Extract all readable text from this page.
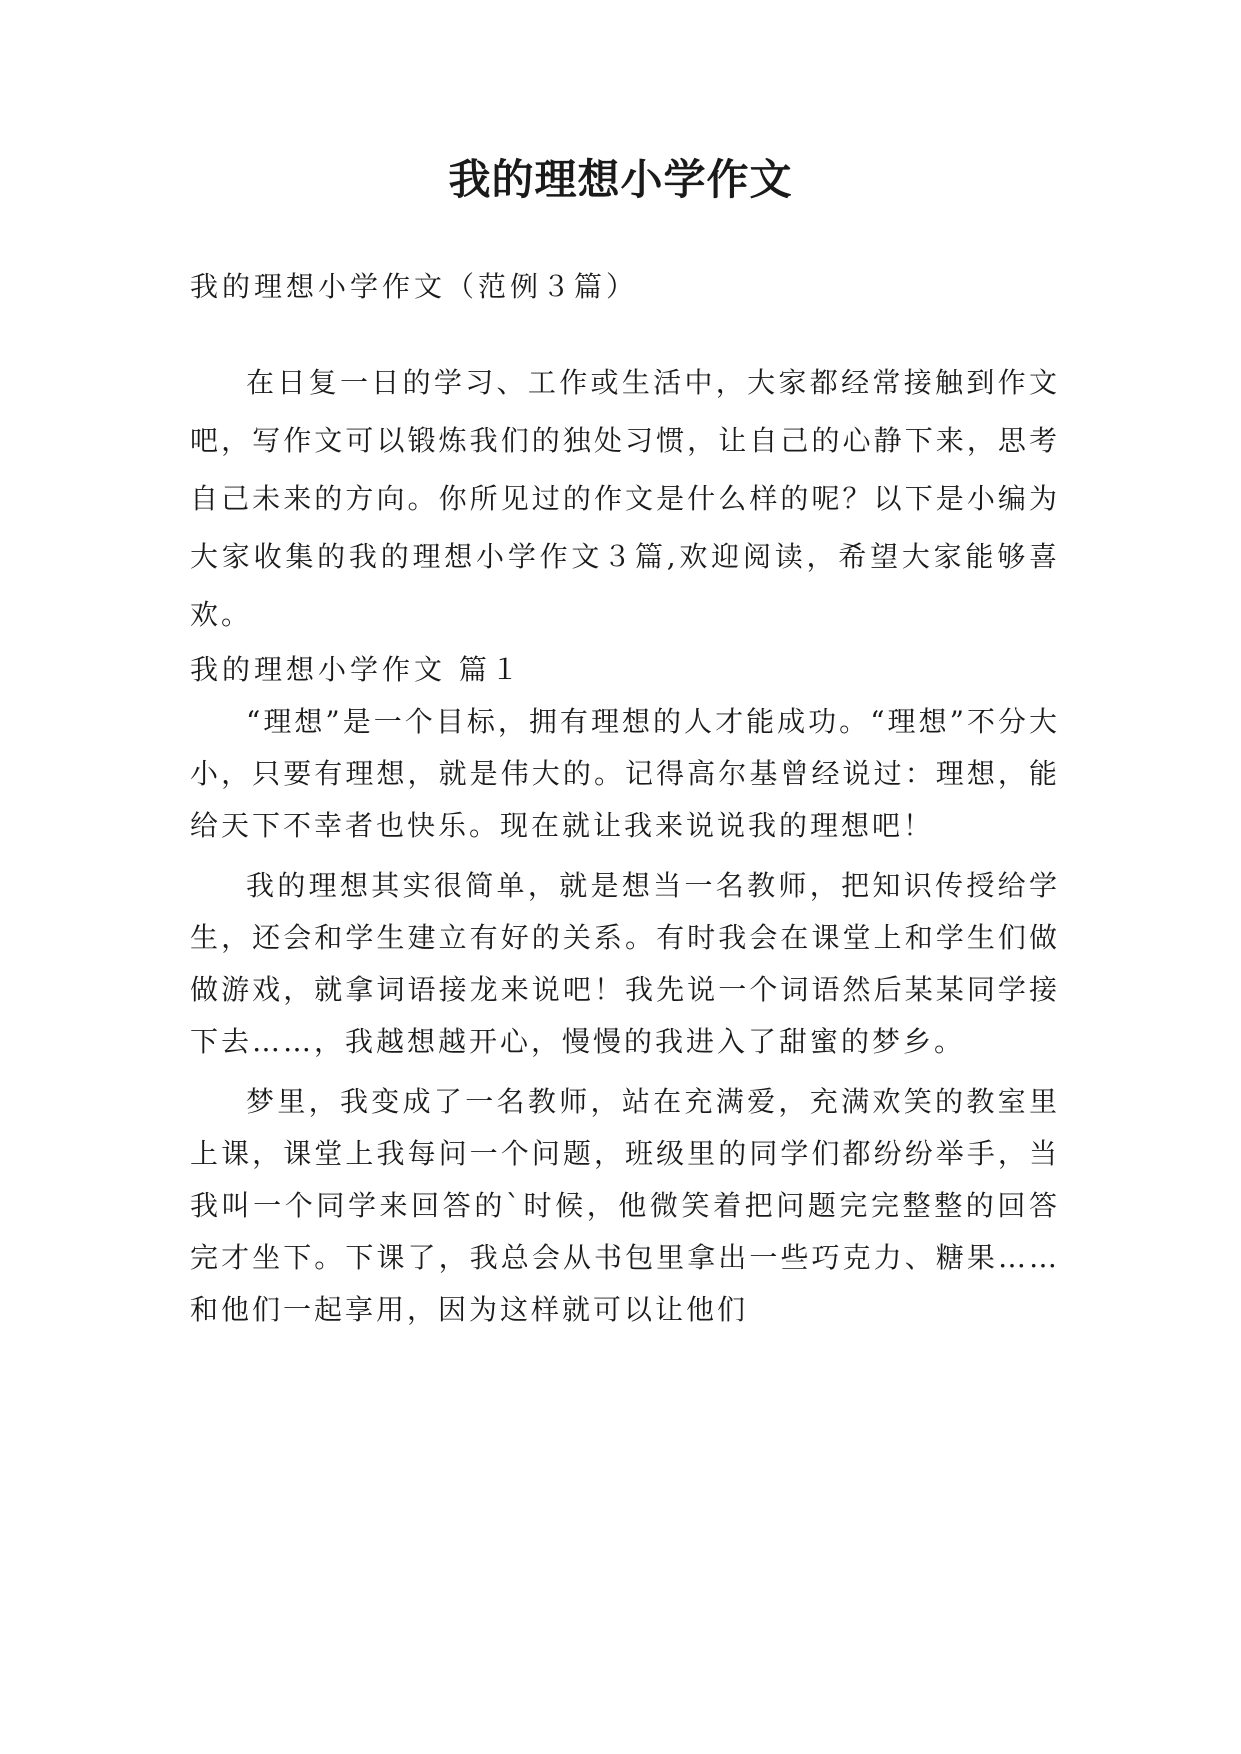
我的理想小学作文

我的理想小学作文（范例３篇）

在日复一日的学习、工作或生活中，大家都经常接触到作文吧，写作文可以锻炼我们的独处习惯，让自己的心静下来，思考自己未来的方向。你所见过的作文是什么样的呢？以下是小编为大家收集的我的理想小学作文３篇,欢迎阅读，希望大家能够喜欢。

我的理想小学作文 篇１

“理想”是一个目标，拥有理想的人才能成功。“理想”不分大小，只要有理想，就是伟大的。记得高尔基曾经说过：理想，能给天下不幸者也快乐。现在就让我来说说我的理想吧！

我的理想其实很简单，就是想当一名教师，把知识传授给学生，还会和学生建立有好的关系。有时我会在课堂上和学生们做做游戏，就拿词语接龙来说吧！我先说一个词语然后某某同学接下去……，我越想越开心，慢慢的我进入了甜蜜的梦乡。

梦里，我变成了一名教师，站在充满爱，充满欢笑的教室里上课，课堂上我每问一个问题，班级里的同学们都纷纷举手，当我叫一个同学来回答的`时候，他微笑着把问题完完整整的回答完才坐下。下课了，我总会从书包里拿出一些巧克力、糖果……和他们一起享用，因为这样就可以让他们
